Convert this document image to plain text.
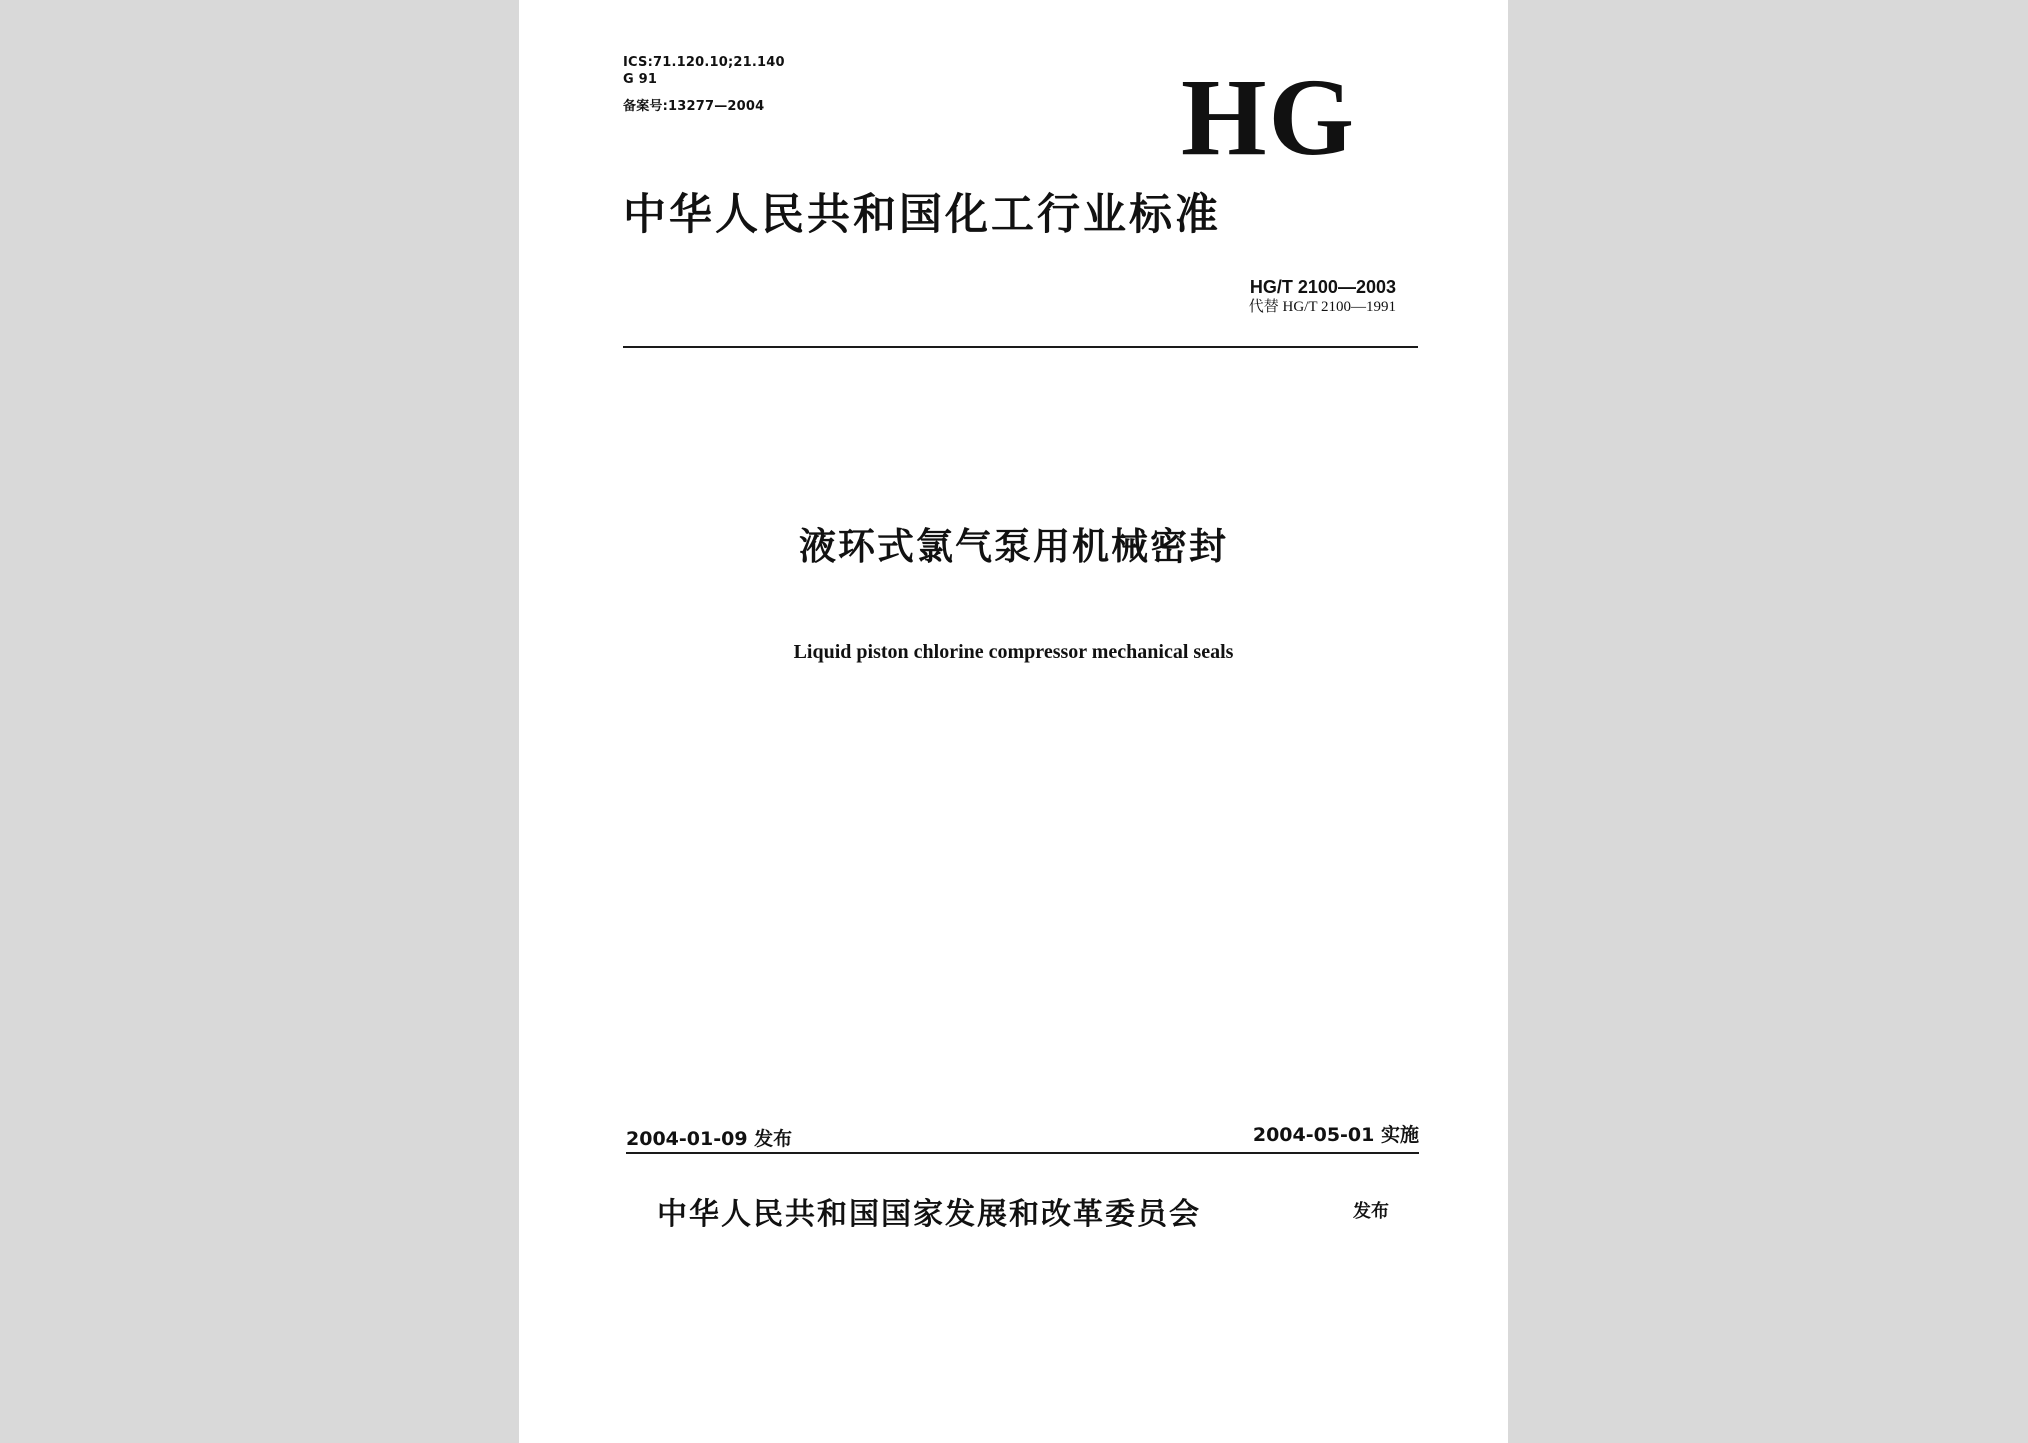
ICS:71.120.10;21.140
G 91
备案号:13277—2004	HG
中华人民共和国化工行业标准
HG/T 2100—2003
代替 HG/T 2100—1991
液环式氯气泵用机械密封
Liquid piston chlorine compressor mechanical seals
2004-01-09 发布	2004-05-01 实施
中华人民共和国国家发展和改革委员会	发布
